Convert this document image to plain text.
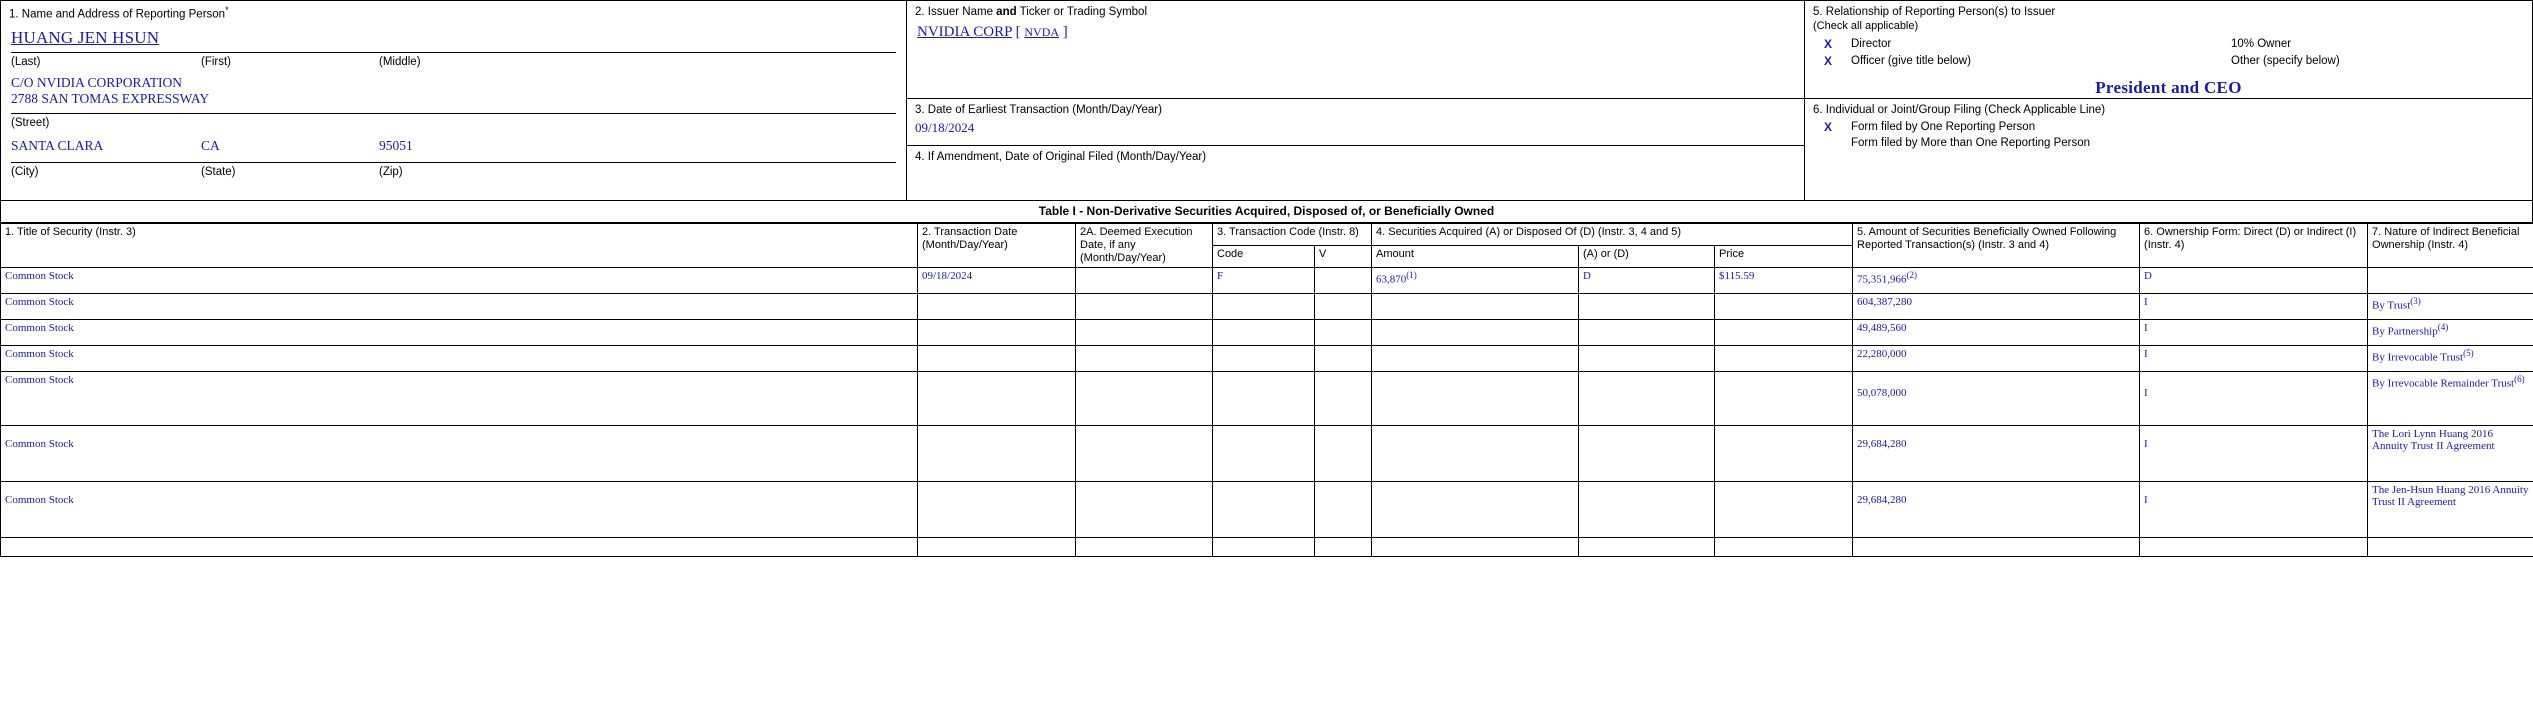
1. Name and Address of Reporting Person*
HUANG JEN HSUN
(Last)	(First)	(Middle)
C/O NVIDIA CORPORATION
2788 SAN TOMAS EXPRESSWAY
(Street)
SANTA CLARA	CA	95051
(City)	(State)	(Zip)
2. Issuer Name and Ticker or Trading Symbol
NVIDIA CORP [ NVDA ]
3. Date of Earliest Transaction (Month/Day/Year)
09/18/2024
4. If Amendment, Date of Original Filed (Month/Day/Year)
5. Relationship of Reporting Person(s) to Issuer
(Check all applicable)
X	Director	10% Owner
X	Officer (give title below)	Other (specify below)
President and CEO
6. Individual or Joint/Group Filing (Check Applicable Line)
X	Form filed by One Reporting Person
Form filed by More than One Reporting Person
Table I - Non-Derivative Securities Acquired, Disposed of, or Beneficially Owned
1. Title of Security (Instr. 3)	2. Transaction Date (Month/Day/Year)	2A. Deemed Execution Date, if any (Month/Day/Year)	3. Transaction Code (Instr. 8)		4. Securities Acquired (A) or Disposed Of (D) (Instr. 3, 4 and 5)			5. Amount of Securities Beneficially Owned Following Reported Transaction(s) (Instr. 3 and 4)	6. Ownership Form: Direct (D) or Indirect (I) (Instr. 4)	7. Nature of Indirect Beneficial Ownership (Instr. 4)
			Code	V	Amount	(A) or (D)	Price			
Common Stock	09/18/2024		F		63,870$^{(1)}$	D	$115.59	75,351,966$^{(2)}$	D	
Common Stock								604,387,280	I	By Trust$^{(3)}$
Common Stock								49,489,560	I	By Partnership$^{(4)}$
Common Stock								22,280,000	I	By Irrevocable Trust$^{(5)}$
Common Stock								50,078,000	I	By Irrevocable Remainder Trust$^{(6)}$
Common Stock								29,684,280	I	The Lori Lynn Huang 2016 Annuity Trust II Agreement
Common Stock								29,684,280	I	The Jen-Hsun Huang 2016 Annuity Trust II Agreement
